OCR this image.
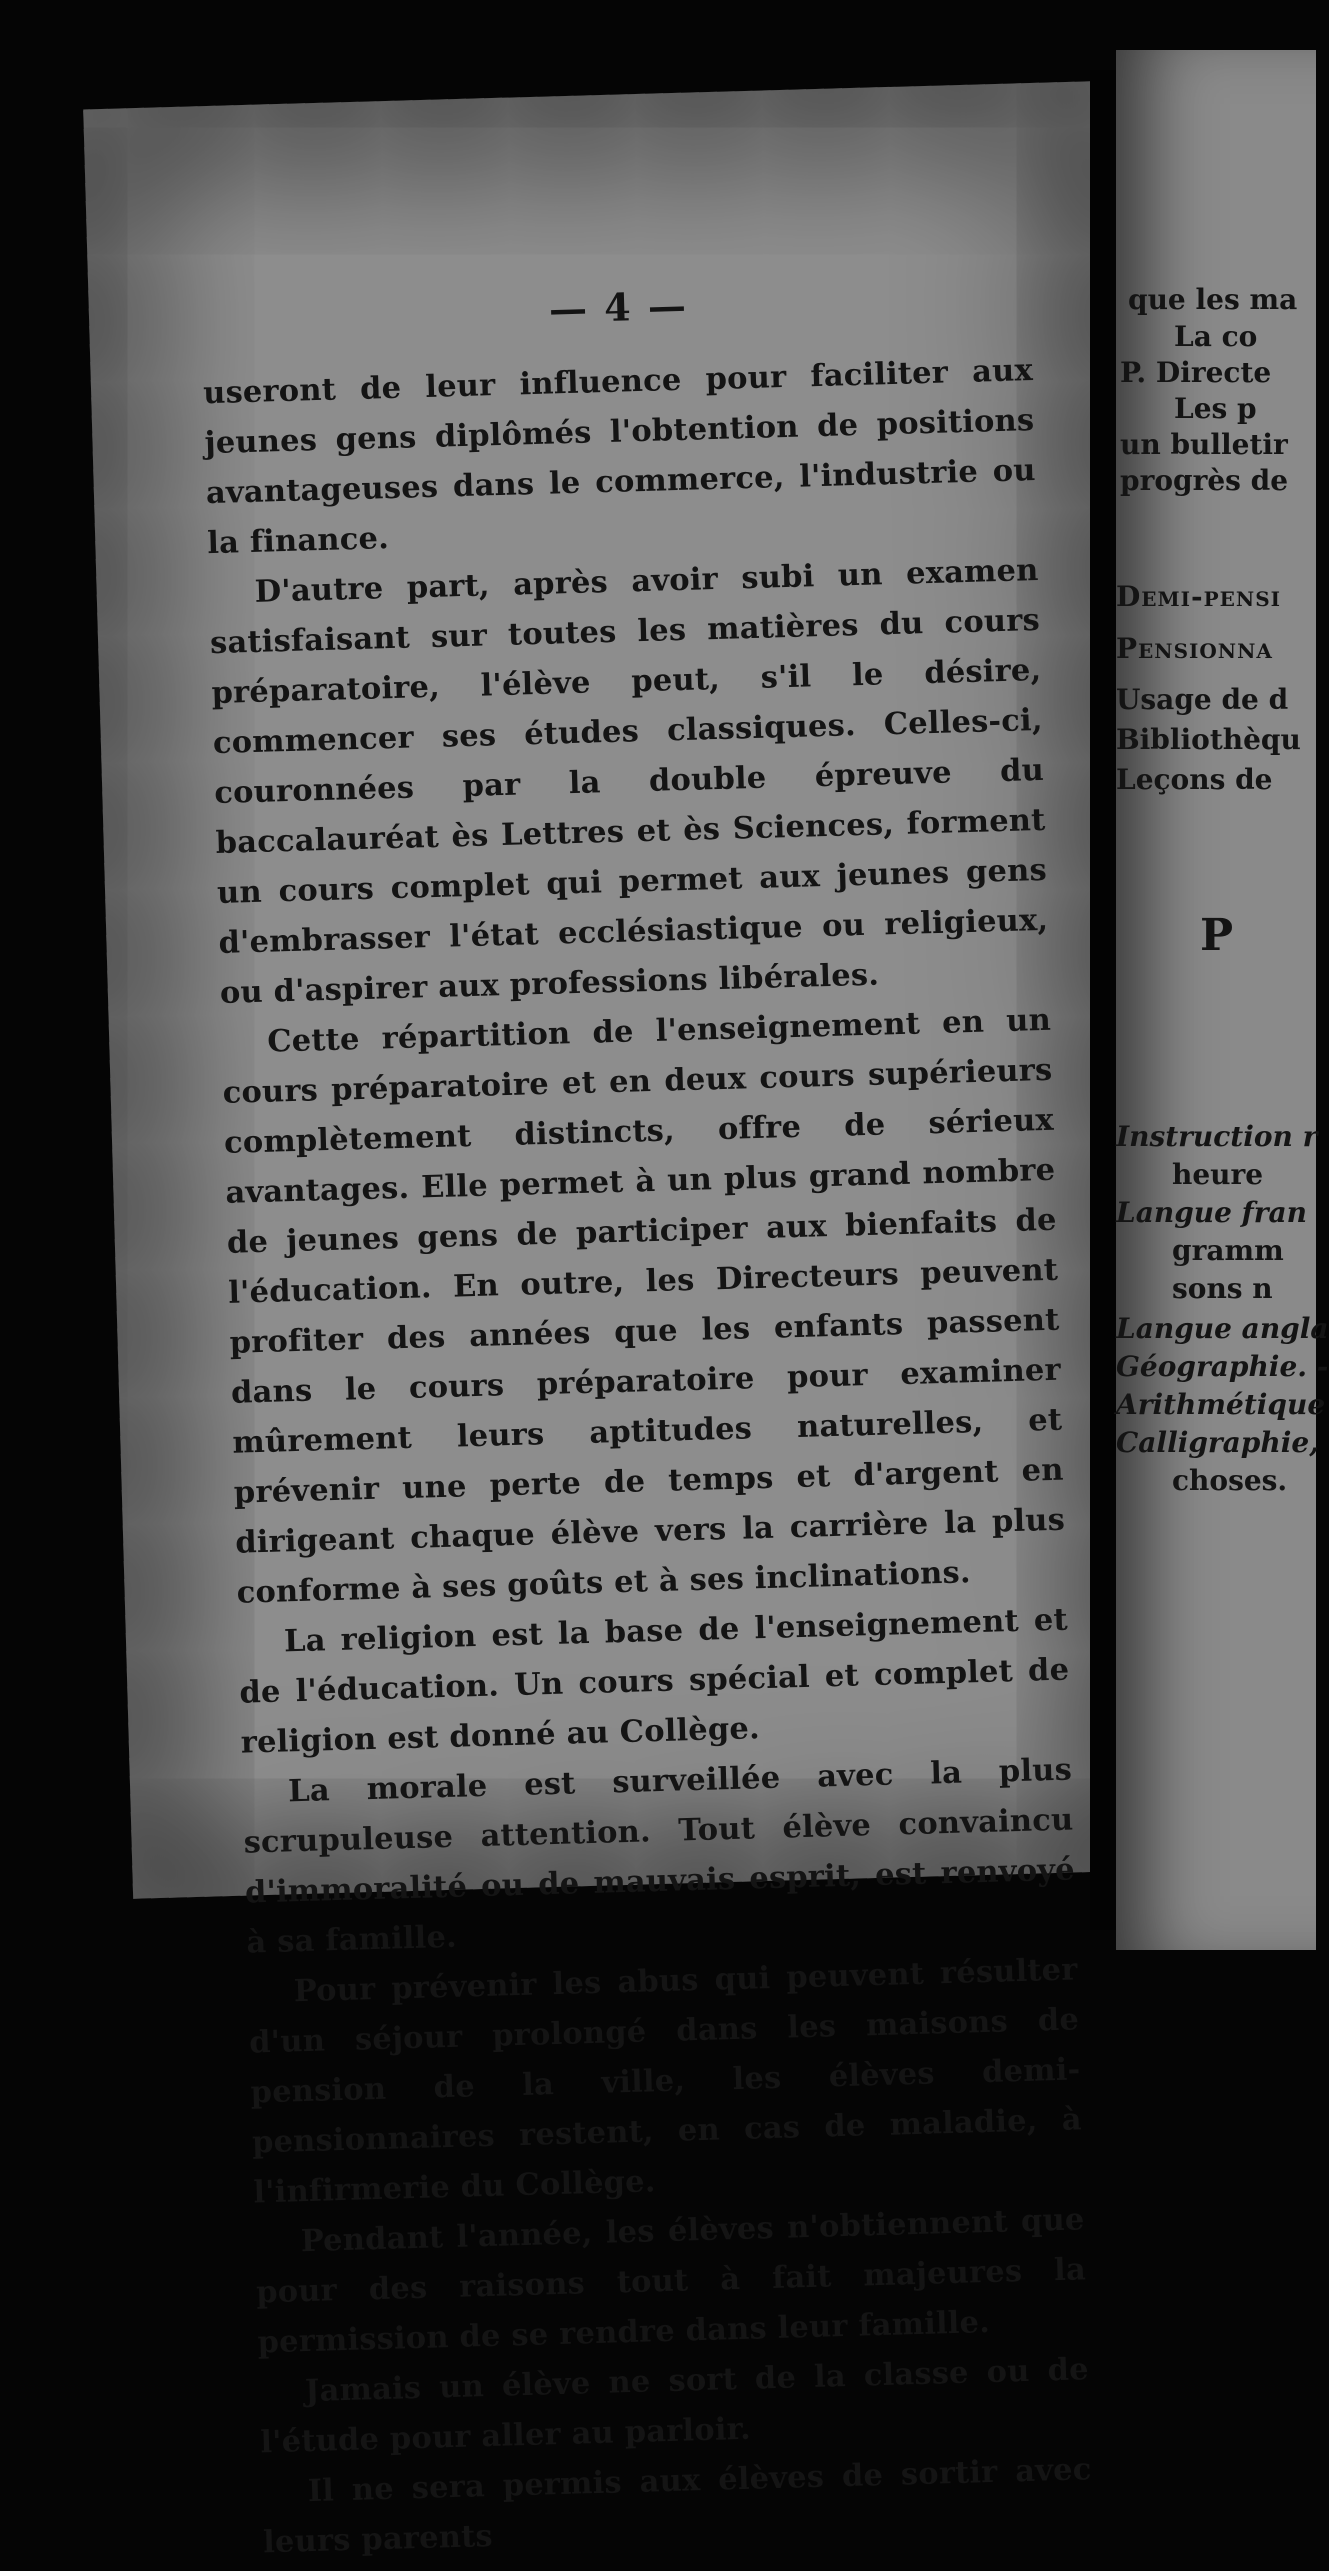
— 4 —

useront de leur influence pour faciliter aux jeunes gens diplômés l'obtention de positions avantageuses dans le commerce, l'industrie ou la finance.

D'autre part, après avoir subi un examen satisfaisant sur toutes les matières du cours préparatoire, l'élève peut, s'il le désire, commencer ses études classiques. Celles-ci, couronnées par la double épreuve du baccalauréat ès Lettres et ès Sciences, forment un cours complet qui permet aux jeunes gens d'embrasser l'état ecclésiastique ou religieux, ou d'aspirer aux professions libérales.

Cette répartition de l'enseignement en un cours préparatoire et en deux cours supérieurs complètement distincts, offre de sérieux avantages. Elle permet à un plus grand nombre de jeunes gens de participer aux bienfaits de l'éducation. En outre, les Directeurs peuvent profiter des années que les enfants passent dans le cours préparatoire pour examiner mûrement leurs aptitudes naturelles, et prévenir une perte de temps et d'argent en dirigeant chaque élève vers la carrière la plus conforme à ses goûts et à ses inclinations.

La religion est la base de l'enseignement et de l'éducation. Un cours spécial et complet de religion est donné au Collège.

La morale est surveillée avec la plus scrupuleuse attention. Tout élève convaincu d'immoralité ou de mauvais esprit, est renvoyé à sa famille.

Pour prévenir les abus qui peuvent résulter d'un séjour prolongé dans les maisons de pension de la ville, les élèves demi-pensionnaires restent, en cas de maladie, à l'infirmerie du Collège.

Pendant l'année, les élèves n'obtiennent que pour des raisons tout à fait majeures la permission de se rendre dans leur famille.

Jamais un élève ne sort de la classe ou de l'étude pour aller au parloir.

Il ne sera permis aux élèves de sortir avec leurs parents

que les ma
La co
P. Directe
Les p
un bulletir
progrès de
Demi-pensi
Pensionna
Usage de d
Bibliothèqu
Leçons de
P
Instruction r
heure
Langue fran
gramm
sons n
Langue angla
Géographie. -
Arithmétique
Calligraphie,
choses.
